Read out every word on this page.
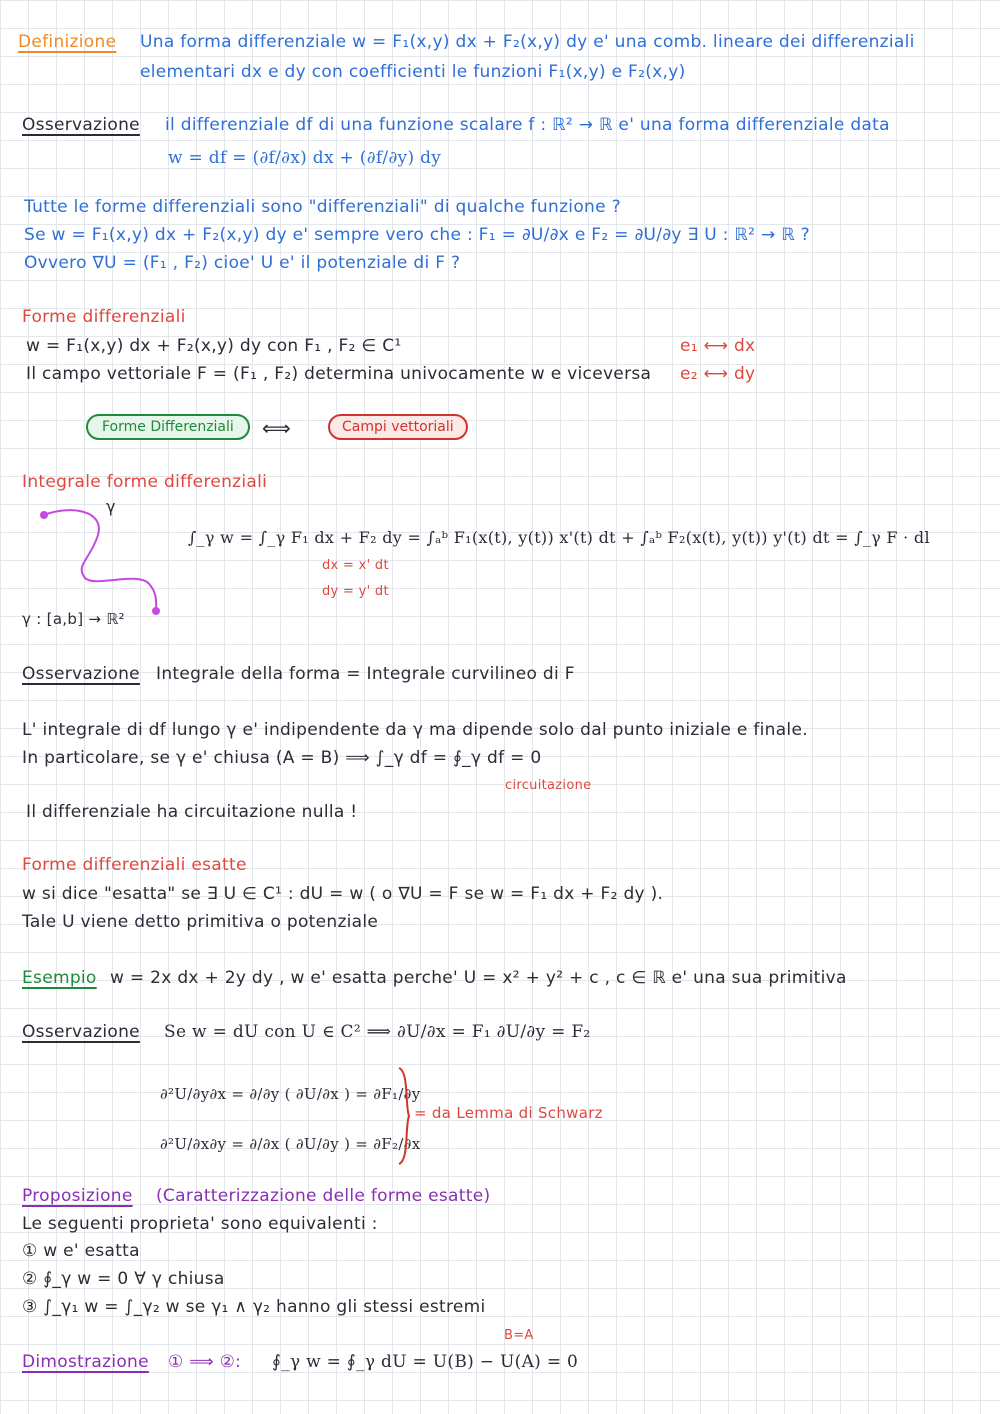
Definizione Una forma differenziale w = F₁(x,y) dx + F₂(x,y) dy e' una comb. lineare dei differenziali
elementari dx e dy con coefficienti le funzioni F₁(x,y) e F₂(x,y)
Osservazione il differenziale df di una funzione scalare f : ℝ² → ℝ e' una forma differenziale data
w = df = (∂f/∂x) dx + (∂f/∂y) dy
Tutte le forme differenziali sono "differenziali" di qualche funzione ?
Se w = F₁(x,y) dx + F₂(x,y) dy e' sempre vero che : F₁ = ∂U/∂x e F₂ = ∂U/∂y ∃ U : ℝ² → ℝ ?
Ovvero ∇U = (F₁ , F₂) cioe' U e' il potenziale di F ?
Forme differenziali
w = F₁(x,y) dx + F₂(x,y) dy con F₁ , F₂ ∈ C¹
Il campo vettoriale F = (F₁ , F₂) determina univocamente w e viceversa
e₁ ⟷ dx
e₂ ⟷ dy
Forme Differenziali	⟺	Campi vettoriali
Integrale forme differenziali
γ
γ : [a,b] → ℝ²
∫_γ w = ∫_γ F₁ dx + F₂ dy = ∫ₐᵇ F₁(x(t), y(t)) x'(t) dt + ∫ₐᵇ F₂(x(t), y(t)) y'(t) dt = ∫_γ F · dl
dx = x' dt
dy = y' dt
Osservazione Integrale della forma = Integrale curvilineo di F
L' integrale di df lungo γ e' indipendente da γ ma dipende solo dal punto iniziale e finale.
In particolare, se γ e' chiusa (A = B) ⟹ ∫_γ df = ∮_γ df = 0
circuitazione
Il differenziale ha circuitazione nulla !
Forme differenziali esatte
w si dice "esatta" se ∃ U ∈ C¹ : dU = w ( o ∇U = F se w = F₁ dx + F₂ dy ).
Tale U viene detto primitiva o potenziale
Esempio w = 2x dx + 2y dy , w e' esatta perche' U = x² + y² + c , c ∈ ℝ e' una sua primitiva
Osservazione Se w = dU con U ∈ C² ⟹ ∂U/∂x = F₁ ∂U/∂y = F₂
∂²U/∂y∂x = ∂/∂y ( ∂U/∂x ) = ∂F₁/∂y
∂²U/∂x∂y = ∂/∂x ( ∂U/∂y ) = ∂F₂/∂x
= da Lemma di Schwarz
Proposizione (Caratterizzazione delle forme esatte)
Le seguenti proprieta' sono equivalenti :
① w e' esatta
② ∮_γ w = 0 ∀ γ chiusa
③ ∫_γ₁ w = ∫_γ₂ w se γ₁ ∧ γ₂ hanno gli stessi estremi
Dimostrazione ① ⟹ ②: ∮_γ w = ∮_γ dU = U(B) − U(A) = 0
B=A
